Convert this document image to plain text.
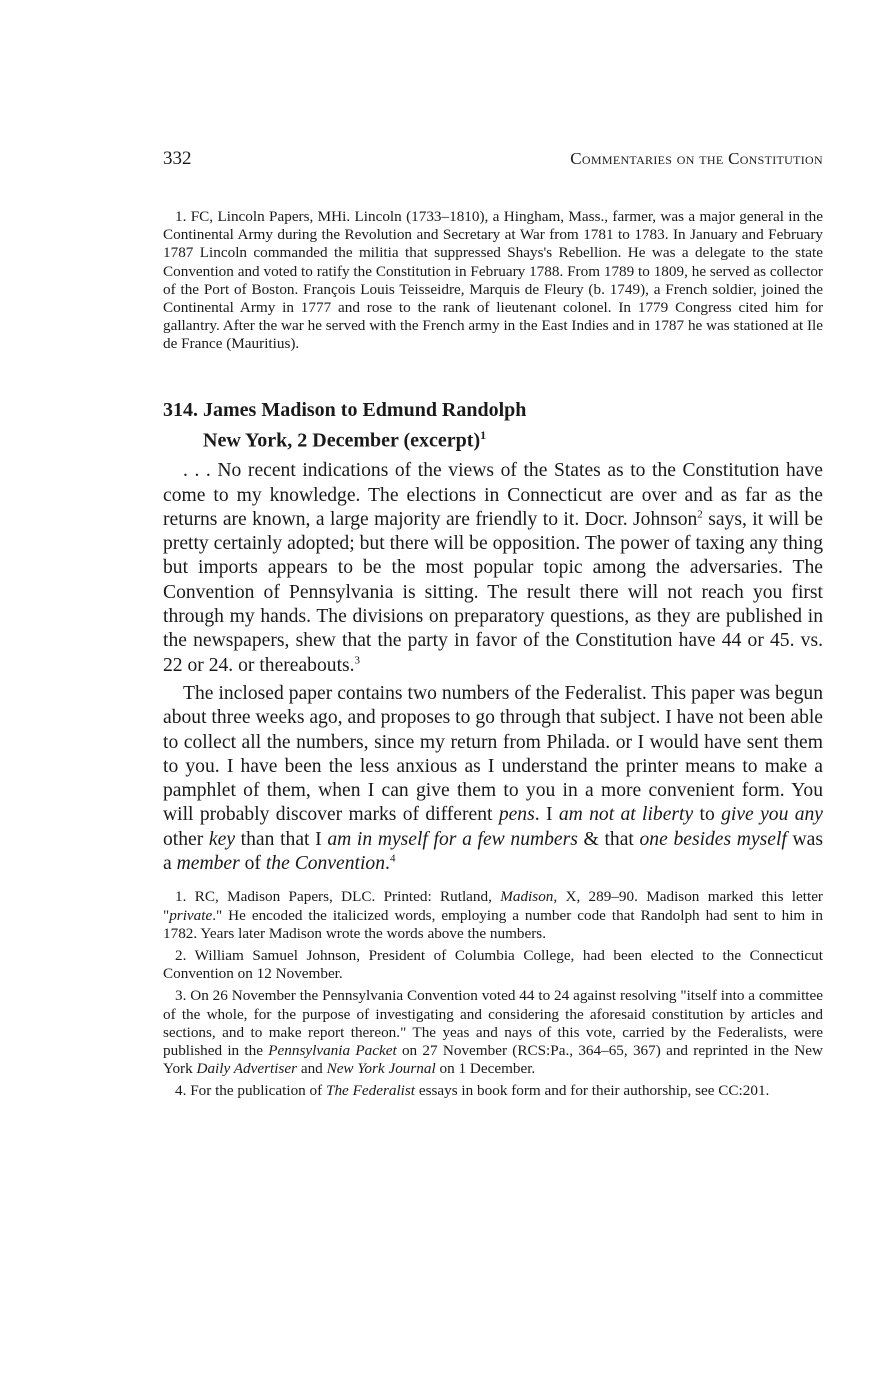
332	Commentaries on the Constitution

1. FC, Lincoln Papers, MHi. Lincoln (1733–1810), a Hingham, Mass., farmer, was a major general in the Continental Army during the Revolution and Secretary at War from 1781 to 1783. In January and February 1787 Lincoln commanded the militia that suppressed Shays's Rebellion. He was a delegate to the state Convention and voted to ratify the Constitution in February 1788. From 1789 to 1809, he served as collector of the Port of Boston. François Louis Teisseidre, Marquis de Fleury (b. 1749), a French soldier, joined the Continental Army in 1777 and rose to the rank of lieutenant colonel. In 1779 Congress cited him for gallantry. After the war he served with the French army in the East Indies and in 1787 he was stationed at Ile de France (Mauritius).

314. James Madison to Edmund Randolph
New York, 2 December (excerpt)$^1$

. . . No recent indications of the views of the States as to the Constitution have come to my knowledge. The elections in Connecticut are over and as far as the returns are known, a large majority are friendly to it. Docr. Johnson$^2$ says, it will be pretty certainly adopted; but there will be opposition. The power of taxing any thing but imports appears to be the most popular topic among the adversaries. The Convention of Pennsylvania is sitting. The result there will not reach you first through my hands. The divisions on preparatory questions, as they are published in the newspapers, shew that the party in favor of the Constitution have 44 or 45. vs. 22 or 24. or thereabouts.$^3$

The inclosed paper contains two numbers of the Federalist. This paper was begun about three weeks ago, and proposes to go through that subject. I have not been able to collect all the numbers, since my return from Philada. or I would have sent them to you. I have been the less anxious as I understand the printer means to make a pamphlet of them, when I can give them to you in a more convenient form. You will probably discover marks of different pens. I am not at liberty to give you any other key than that I am in myself for a few numbers & that one besides myself was a member of the Convention.$^4$

1. RC, Madison Papers, DLC. Printed: Rutland, Madison, X, 289–90. Madison marked this letter "private." He encoded the italicized words, employing a number code that Randolph had sent to him in 1782. Years later Madison wrote the words above the numbers.

2. William Samuel Johnson, President of Columbia College, had been elected to the Connecticut Convention on 12 November.

3. On 26 November the Pennsylvania Convention voted 44 to 24 against resolving "itself into a committee of the whole, for the purpose of investigating and considering the aforesaid constitution by articles and sections, and to make report thereon." The yeas and nays of this vote, carried by the Federalists, were published in the Pennsylvania Packet on 27 November (RCS:Pa., 364–65, 367) and reprinted in the New York Daily Advertiser and New York Journal on 1 December.

4. For the publication of The Federalist essays in book form and for their authorship, see CC:201.
